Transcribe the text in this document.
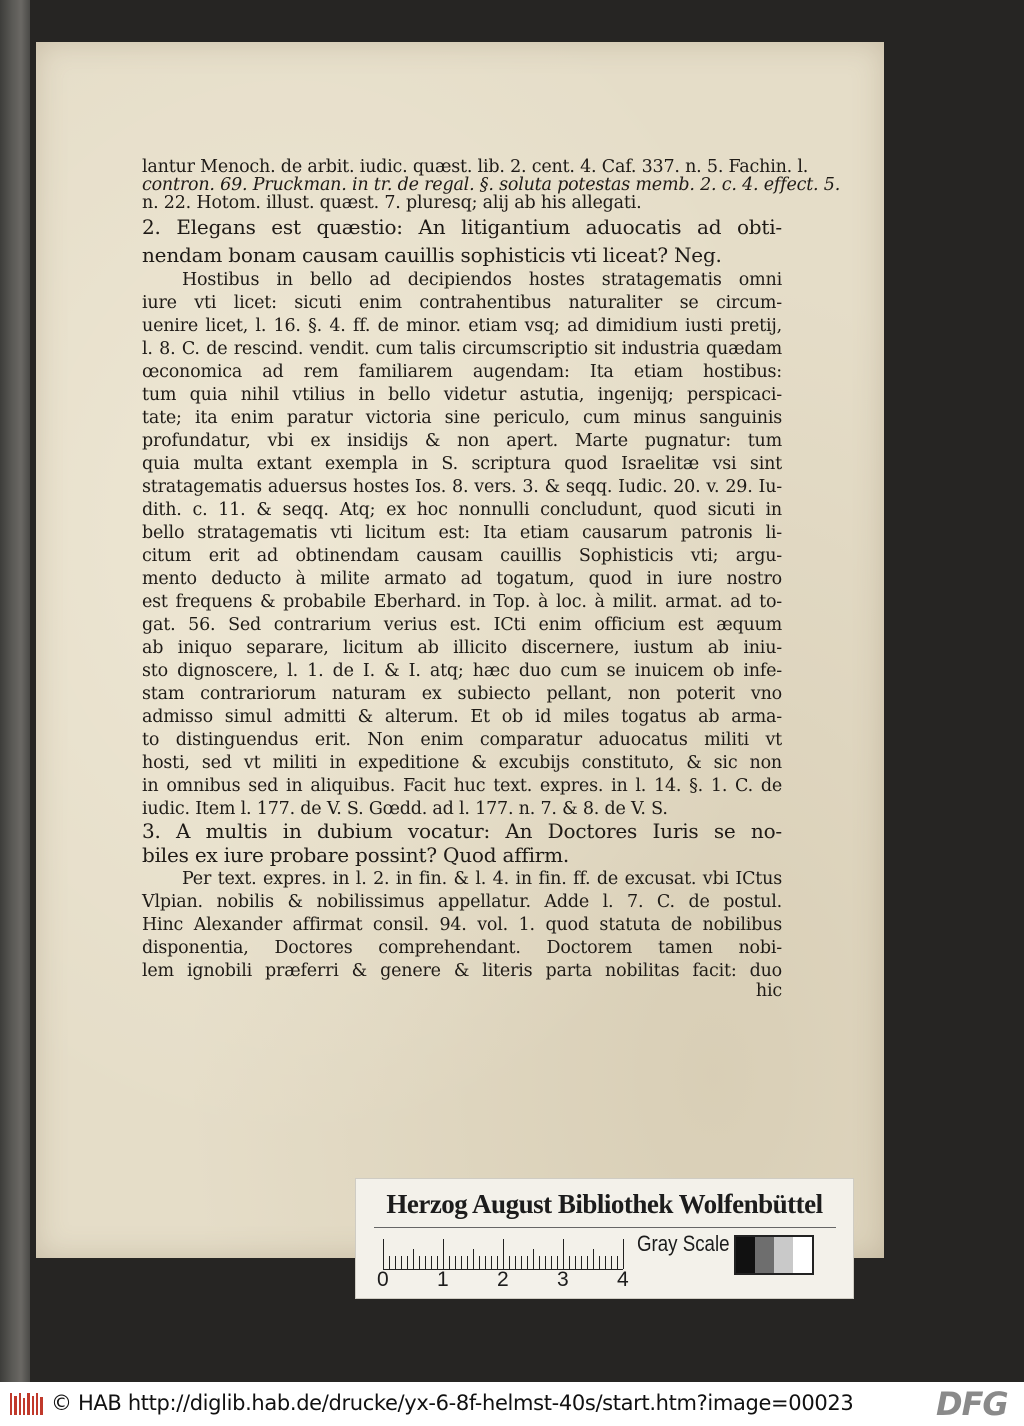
lantur Menoch. de arbit. iudic. quæst. lib. 2. cent. 4. Caf. 337. n. 5. Fachin. l.
contron. 69. Pruckman. in tr. de regal. §. soluta potestas memb. 2. c. 4. effect. 5.
n. 22. Hotom. illust. quæst. 7. pluresq; alij ab his allegati.
2. Elegans est quæstio: An litigantium aduocatis ad obti-
nendam bonam causam cauillis sophisticis vti liceat? Neg.
Hostibus in bello ad decipiendos hostes stratagematis omni
iure vti licet: sicuti enim contrahentibus naturaliter se circum-
uenire licet, l. 16. §. 4. ff. de minor. etiam vsq; ad dimidium iusti pretij,
l. 8. C. de rescind. vendit. cum talis circumscriptio sit industria quædam
œconomica ad rem familiarem augendam: Ita etiam hostibus:
tum quia nihil vtilius in bello videtur astutia, ingenijq; perspicaci-
tate; ita enim paratur victoria sine periculo, cum minus sanguinis
profundatur, vbi ex insidijs & non apert. Marte pugnatur: tum
quia multa extant exempla in S. scriptura quod Israelitæ vsi sint
stratagematis aduersus hostes Ios. 8. vers. 3. & seqq. Iudic. 20. v. 29. Iu-
dith. c. 11. & seqq. Atq; ex hoc nonnulli concludunt, quod sicuti in
bello stratagematis vti licitum est: Ita etiam causarum patronis li-
citum erit ad obtinendam causam cauillis Sophisticis vti; argu-
mento deducto à milite armato ad togatum, quod in iure nostro
est frequens & probabile Eberhard. in Top. à loc. à milit. armat. ad to-
gat. 56. Sed contrarium verius est. ICti enim officium est æquum
ab iniquo separare, licitum ab illicito discernere, iustum ab iniu-
sto dignoscere, l. 1. de I. & I. atq; hæc duo cum se inuicem ob infe-
stam contrariorum naturam ex subiecto pellant, non poterit vno
admisso simul admitti & alterum. Et ob id miles togatus ab arma-
to distinguendus erit. Non enim comparatur aduocatus militi vt
hosti, sed vt militi in expeditione & excubijs constituto, & sic non
in omnibus sed in aliquibus. Facit huc text. expres. in l. 14. §. 1. C. de
iudic. Item l. 177. de V. S. Gœdd. ad l. 177. n. 7. & 8. de V. S.
3. A multis in dubium vocatur: An Doctores Iuris se no-
biles ex iure probare possint? Quod affirm.
Per text. expres. in l. 2. in fin. & l. 4. in fin. ff. de excusat. vbi ICtus
Vlpian. nobilis & nobilissimus appellatur. Adde l. 7. C. de postul.
Hinc Alexander affirmat consil. 94. vol. 1. quod statuta de nobilibus
disponentia, Doctores comprehendant. Doctorem tamen nobi-
lem ignobili præferri & genere & literis parta nobilitas facit: duo
hic
Herzog August Bibliothek Wolfenbüttel
0 1 2 3 4
Gray Scale
© HAB http://diglib.hab.de/drucke/yx-6-8f-helmst-40s/start.htm?image=00023	DFG
